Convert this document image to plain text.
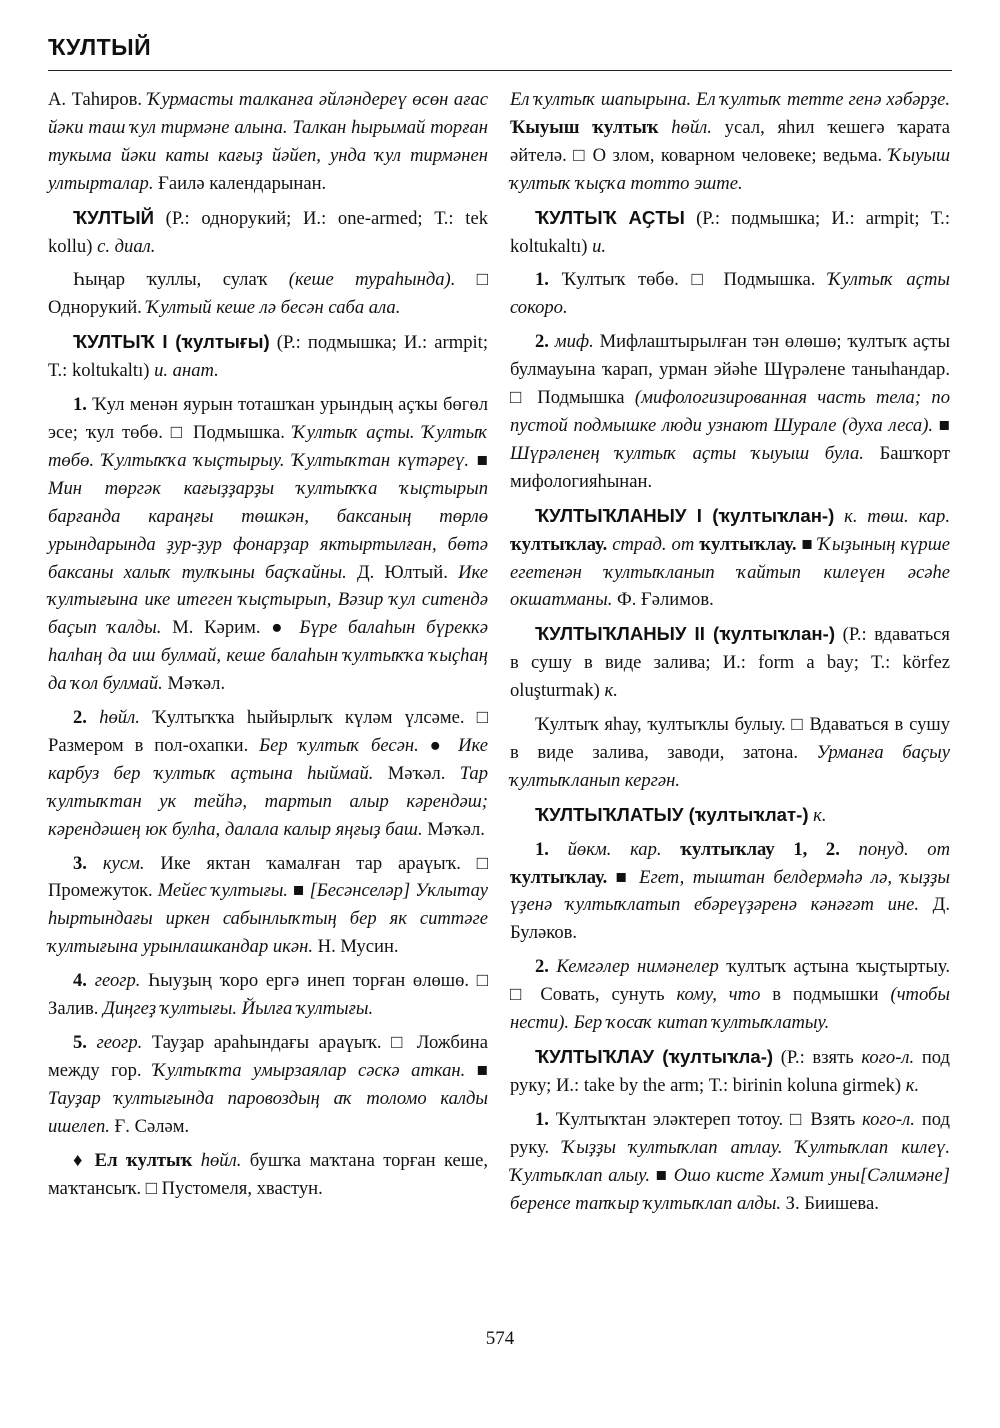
ҠУЛТЫЙ

А. Таһиров. Ҡурмасты талканға әйләндереү өсөн ағас йәки таш ҡул тирмәне алына. Талкан һырымай торған тукыма йәки каты кағыҙ йәйеп, унда ҡул тирмәнен ултырталар. Ғаилә календарынан.

ҠУЛТЫЙ (Р.: однорукий; И.: one-armed; Т.: tek kollu) с. диал.

Һыңар ҡуллы, сулаҡ (кеше тураһында). □ Однорукий. Ҡултый кеше лә бесән саба ала.

ҠУЛТЫҠ I (ҡултығы) (Р.: подмышка; И.: armpit; Т.: koltukaltı) и. анат.

1. Ҡул менән яурын тоташҡан урындың аҫҡы бөгөл эсе; ҡул төбө. □ Подмышка. Ҡултыҡ аҫты. Ҡултыҡ төбө. Ҡултыҡҡа ҡыҫтырыу. Ҡултыҡтан күтәреү. ■ Мин төргәк кағыҙҙарҙы ҡултыҡҡа ҡыҫтырып барғанда караңғы төшкән, баксаның төрлө урындарында ҙур-ҙур фонарҙар яктыртылған, бөтә баксаны халыҡ тулҡыны баҫҡайны. Д. Юлтый. Ике ҡултығына ике итеген ҡыҫтырып, Вәзир ҡул ситендә баҫып ҡалды. М. Кәрим. ● Бүре балаһын бүреккә һалһаң да иш булмай, кеше балаһын ҡултыҡҡа ҡыҫһаң да ҡол булмай. Мәҡәл.

2. һөйл. Ҡултыҡҡа һыйырлыҡ күләм үлсәме. □ Размером в пол-охапки. Бер ҡултыҡ бесән. ● Ике карбуз бер ҡултыҡ аҫтына һыймай. Мәҡәл. Тар ҡултыҡтан ук тейһә, тартып алыр кәрендәш; кәрендәшең юк булһа, далала калыр яңғыҙ баш. Мәҡәл.

3. кусм. Ике яктан ҡамалған тар араүыҡ. □ Промежуток. Мейес ҡултығы. ■ [Бесәнселәр] Уклытау һыртындағы иркен сабынлыҡтың бер як ситтәге ҡултығына урынлашкандар икән. Н. Мусин.

4. геогр. Һыуҙың ҡоро ергә инеп торған өлөшө. □ Залив. Диңгеҙ ҡултығы. Йылға ҡултығы.

5. геогр. Тауҙар араһындағы араүыҡ. □ Ложбина между гор. Ҡултыҡта умырзаялар сәскә аткан. ■ Тауҙар ҡултығында паровоздың аҡ толомо калды ишелеп. Ғ. Сәләм.

♦ Ел ҡултыҡ һөйл. бушҡа маҡтана торған кеше, маҡтансыҡ. □ Пустомеля, хвастун.

Ел ҡултыҡ шапырына. Ел ҡултыҡ тетте генә хәбәрҙе. Ҡыуыш ҡултыҡ һөйл. усал, яһил ҡешегә ҡарата әйтелә. □ О злом, коварном человеке; ведьма. Ҡыуыш ҡултыҡ ҡыҫҡа тотто эште.

ҠУЛТЫҠ АҪТЫ (Р.: подмышка; И.: armpit; Т.: koltukaltı) и.

1. Ҡултыҡ төбө. □ Подмышка. Ҡултыҡ аҫты сокоро.

2. миф. Мифлаштырылған тән өлөшө; ҡултыҡ аҫты булмауына ҡарап, урман эйәһе Шүрәлене таныһандар. □ Подмышка (мифологизированная часть тела; по пустой подмышке люди узнают Шурале (духа леса). ■ Шүрәленең ҡултыҡ аҫты ҡыуыш була. Башҡорт мифологияһынан.

ҠУЛТЫҠЛАНЫУ I (ҡултыҡлан-) к. төш. кар. ҡултыҡлау. страд. от ҡултыҡлау. ■ Ҡыҙының күрше егетенән ҡултыҡланып ҡайтып килеүен әсәһе окшатманы. Ф. Ғәлимов.

ҠУЛТЫҠЛАНЫУ II (ҡултыҡлан-) (Р.: вдаваться в сушу в виде залива; И.: form a bay; Т.: körfez oluşturmak) к.

Ҡултыҡ яһау, ҡултыҡлы булыу. □ Вдаваться в сушу в виде залива, заводи, затона. Урманға баҫыу ҡултыҡланып кергән.

ҠУЛТЫҠЛАТЫУ (ҡултыҡлат-) к.

1. йөкм. кар. ҡултыҡлау 1, 2. понуд. от ҡултыҡлау. ■ Егет, тыштан белдермәһә лә, ҡыҙҙы үҙенә ҡултыҡлатып ебәреүҙәренә кәнәғәт ине. Д. Буләков.

2. Кемгәлер нимәнелер ҡултыҡ аҫтына ҡыҫтыртыу. □ Совать, сунуть кому, что в подмышки (чтобы нести). Бер ҡосаҡ китап ҡултыҡлатыу.

ҠУЛТЫҠЛАУ (ҡултыҡла-) (Р.: взять кого-л. под руку; И.: take by the arm; Т.: birinin koluna girmek) к.

1. Ҡултыҡтан эләктереп тотоу. □ Взять кого-л. под руку. Ҡыҙҙы ҡултыҡлап атлау. Ҡултыҡлап килеү. Ҡултыҡлап алыу. ■ Ошо кисте Хәмит уны[Сәлимәне] беренсе тапҡыр ҡултыҡлап алды. З. Биишева.

574
